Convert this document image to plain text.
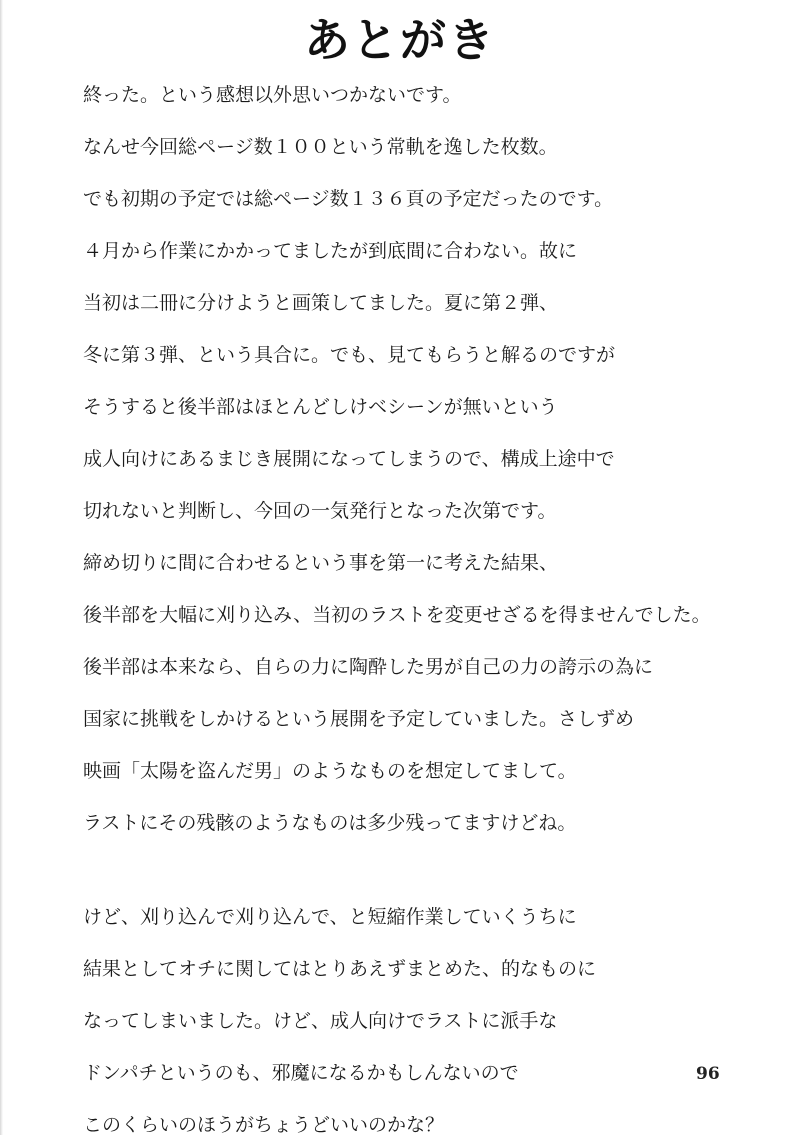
あとがき
終った。という感想以外思いつかないです。
なんせ今回総ページ数１００という常軌を逸した枚数。
でも初期の予定では総ページ数１３６頁の予定だったのです。
４月から作業にかかってましたが到底間に合わない。故に
当初は二冊に分けようと画策してました。夏に第２弾、
冬に第３弾、という具合に。でも、見てもらうと解るのですが
そうすると後半部はほとんどしけベシーンが無いという
成人向けにあるまじき展開になってしまうので、構成上途中で
切れないと判断し、今回の一気発行となった次第です。
締め切りに間に合わせるという事を第一に考えた結果、
後半部を大幅に刈り込み、当初のラストを変更せざるを得ませんでした。
後半部は本来なら、自らの力に陶酔した男が自己の力の誇示の為に
国家に挑戦をしかけるという展開を予定していました。さしずめ
映画「太陽を盗んだ男」のようなものを想定してまして。
ラストにその残骸のようなものは多少残ってますけどね。
けど、刈り込んで刈り込んで、と短縮作業していくうちに
結果としてオチに関してはとりあえずまとめた、的なものに
なってしまいました。けど、成人向けでラストに派手な
ドンパチというのも、邪魔になるかもしんないので
このくらいのほうがちょうどいいのかな？
96
